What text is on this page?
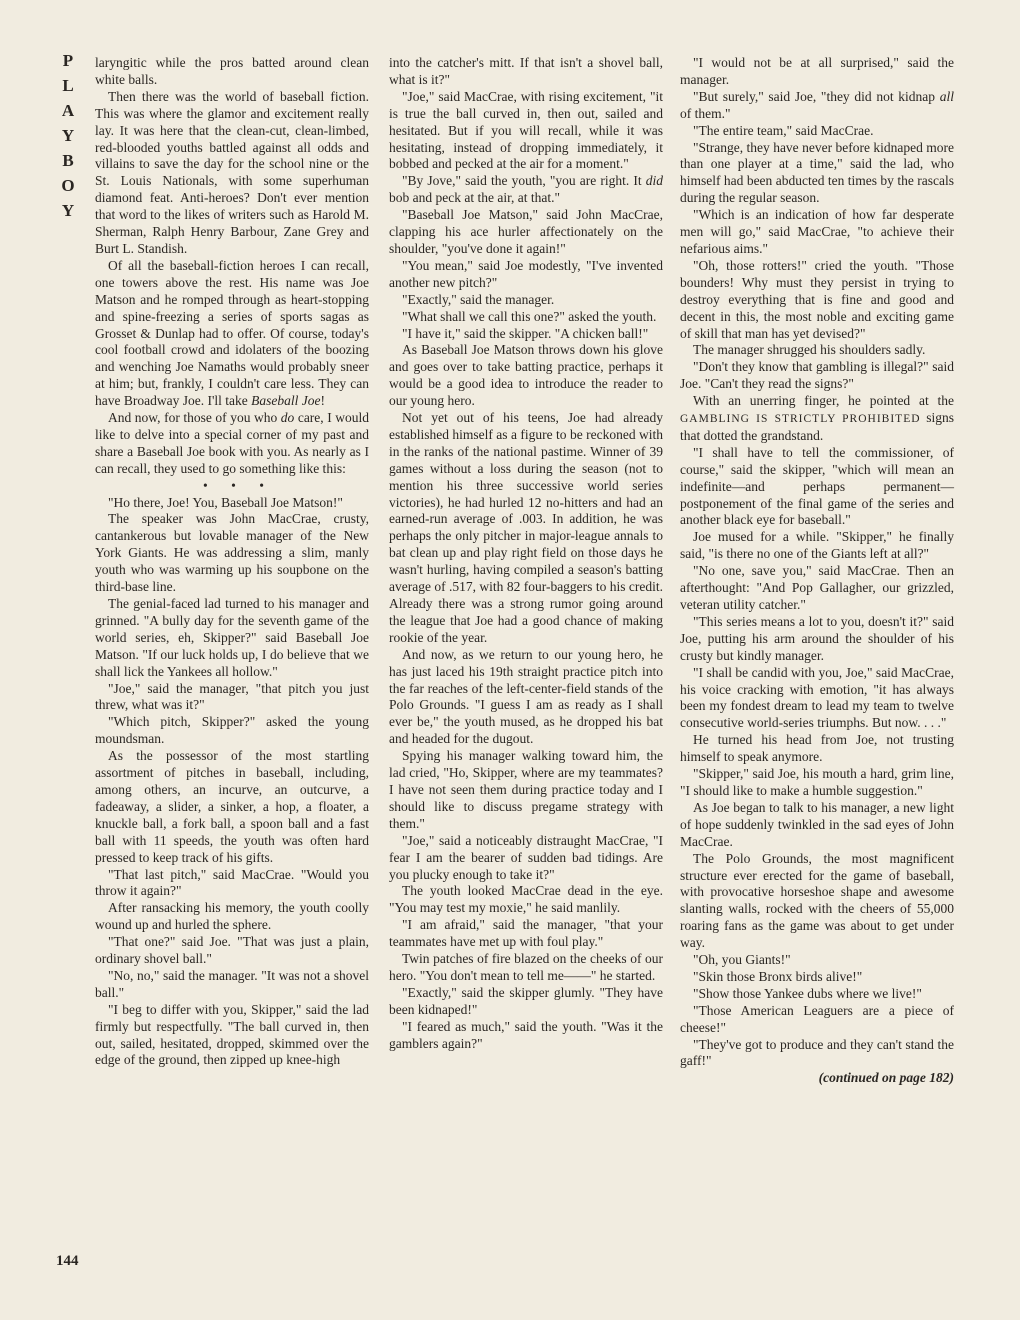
P
L
A
Y
B
O
Y

laryngitic while the pros batted around clean white balls.

Then there was the world of baseball fiction. This was where the glamor and excitement really lay. It was here that the clean-cut, clean-limbed, red-blooded youths battled against all odds and villains to save the day for the school nine or the St. Louis Nationals, with some superhuman diamond feat. Anti-heroes? Don't ever mention that word to the likes of writers such as Harold M. Sherman, Ralph Henry Barbour, Zane Grey and Burt L. Standish.

Of all the baseball-fiction heroes I can recall, one towers above the rest. His name was Joe Matson and he romped through as heart-stopping and spine-freezing a series of sports sagas as Grosset & Dunlap had to offer. Of course, today's cool football crowd and idolaters of the boozing and wenching Joe Namaths would probably sneer at him; but, frankly, I couldn't care less. They can have Broadway Joe. I'll take Baseball Joe!

And now, for those of you who do care, I would like to delve into a special corner of my past and share a Baseball Joe book with you. As nearly as I can recall, they used to go something like this:

• • •

"Ho there, Joe! You, Baseball Joe Matson!"

The speaker was John MacCrae, crusty, cantankerous but lovable manager of the New York Giants. He was addressing a slim, manly youth who was warming up his soupbone on the third-base line.

The genial-faced lad turned to his manager and grinned. "A bully day for the seventh game of the world series, eh, Skipper?" said Baseball Joe Matson. "If our luck holds up, I do believe that we shall lick the Yankees all hollow."

"Joe," said the manager, "that pitch you just threw, what was it?"

"Which pitch, Skipper?" asked the young moundsman.

As the possessor of the most startling assortment of pitches in baseball, including, among others, an incurve, an outcurve, a fadeaway, a slider, a sinker, a hop, a floater, a knuckle ball, a fork ball, a spoon ball and a fast ball with 11 speeds, the youth was often hard pressed to keep track of his gifts.

"That last pitch," said MacCrae. "Would you throw it again?"

After ransacking his memory, the youth coolly wound up and hurled the sphere.

"That one?" said Joe. "That was just a plain, ordinary shovel ball."

"No, no," said the manager. "It was not a shovel ball."

"I beg to differ with you, Skipper," said the lad firmly but respectfully. "The ball curved in, then out, sailed, hesitated, dropped, skimmed over the edge of the ground, then zipped up knee-high

into the catcher's mitt. If that isn't a shovel ball, what is it?"

"Joe," said MacCrae, with rising excitement, "it is true the ball curved in, then out, sailed and hesitated. But if you will recall, while it was hesitating, instead of dropping immediately, it bobbed and pecked at the air for a moment."

"By Jove," said the youth, "you are right. It did bob and peck at the air, at that."

"Baseball Joe Matson," said John MacCrae, clapping his ace hurler affectionately on the shoulder, "you've done it again!"

"You mean," said Joe modestly, "I've invented another new pitch?"

"Exactly," said the manager.

"What shall we call this one?" asked the youth.

"I have it," said the skipper. "A chicken ball!"

As Baseball Joe Matson throws down his glove and goes over to take batting practice, perhaps it would be a good idea to introduce the reader to our young hero.

Not yet out of his teens, Joe had already established himself as a figure to be reckoned with in the ranks of the national pastime. Winner of 39 games without a loss during the season (not to mention his three successive world series victories), he had hurled 12 no-hitters and had an earned-run average of .003. In addition, he was perhaps the only pitcher in major-league annals to bat clean up and play right field on those days he wasn't hurling, having compiled a season's batting average of .517, with 82 four-baggers to his credit. Already there was a strong rumor going around the league that Joe had a good chance of making rookie of the year.

And now, as we return to our young hero, he has just laced his 19th straight practice pitch into the far reaches of the left-center-field stands of the Polo Grounds. "I guess I am as ready as I shall ever be," the youth mused, as he dropped his bat and headed for the dugout.

Spying his manager walking toward him, the lad cried, "Ho, Skipper, where are my teammates? I have not seen them during practice today and I should like to discuss pregame strategy with them."

"Joe," said a noticeably distraught MacCrae, "I fear I am the bearer of sudden bad tidings. Are you plucky enough to take it?"

The youth looked MacCrae dead in the eye. "You may test my moxie," he said manlily.

"I am afraid," said the manager, "that your teammates have met up with foul play."

Twin patches of fire blazed on the cheeks of our hero. "You don't mean to tell me——" he started.

"Exactly," said the skipper glumly. "They have been kidnaped!"

"I feared as much," said the youth. "Was it the gamblers again?"

"I would not be at all surprised," said the manager.

"But surely," said Joe, "they did not kidnap all of them."

"The entire team," said MacCrae.

"Strange, they have never before kidnaped more than one player at a time," said the lad, who himself had been abducted ten times by the rascals during the regular season.

"Which is an indication of how far desperate men will go," said MacCrae, "to achieve their nefarious aims."

"Oh, those rotters!" cried the youth. "Those bounders! Why must they persist in trying to destroy everything that is fine and good and decent in this, the most noble and exciting game of skill that man has yet devised?"

The manager shrugged his shoulders sadly.

"Don't they know that gambling is illegal?" said Joe. "Can't they read the signs?"

With an unerring finger, he pointed at the GAMBLING IS STRICTLY PROHIBITED signs that dotted the grandstand.

"I shall have to tell the commissioner, of course," said the skipper, "which will mean an indefinite—and perhaps permanent—postponement of the final game of the series and another black eye for baseball."

Joe mused for a while. "Skipper," he finally said, "is there no one of the Giants left at all?"

"No one, save you," said MacCrae. Then an afterthought: "And Pop Gallagher, our grizzled, veteran utility catcher."

"This series means a lot to you, doesn't it?" said Joe, putting his arm around the shoulder of his crusty but kindly manager.

"I shall be candid with you, Joe," said MacCrae, his voice cracking with emotion, "it has always been my fondest dream to lead my team to twelve consecutive world-series triumphs. But now. . . ."

He turned his head from Joe, not trusting himself to speak anymore.

"Skipper," said Joe, his mouth a hard, grim line, "I should like to make a humble suggestion."

As Joe began to talk to his manager, a new light of hope suddenly twinkled in the sad eyes of John MacCrae.

The Polo Grounds, the most magnificent structure ever erected for the game of baseball, with provocative horseshoe shape and awesome slanting walls, rocked with the cheers of 55,000 roaring fans as the game was about to get under way.

"Oh, you Giants!"

"Skin those Bronx birds alive!"

"Show those Yankee dubs where we live!"

"Those American Leaguers are a piece of cheese!"

"They've got to produce and they can't stand the gaff!"

(continued on page 182)

144
